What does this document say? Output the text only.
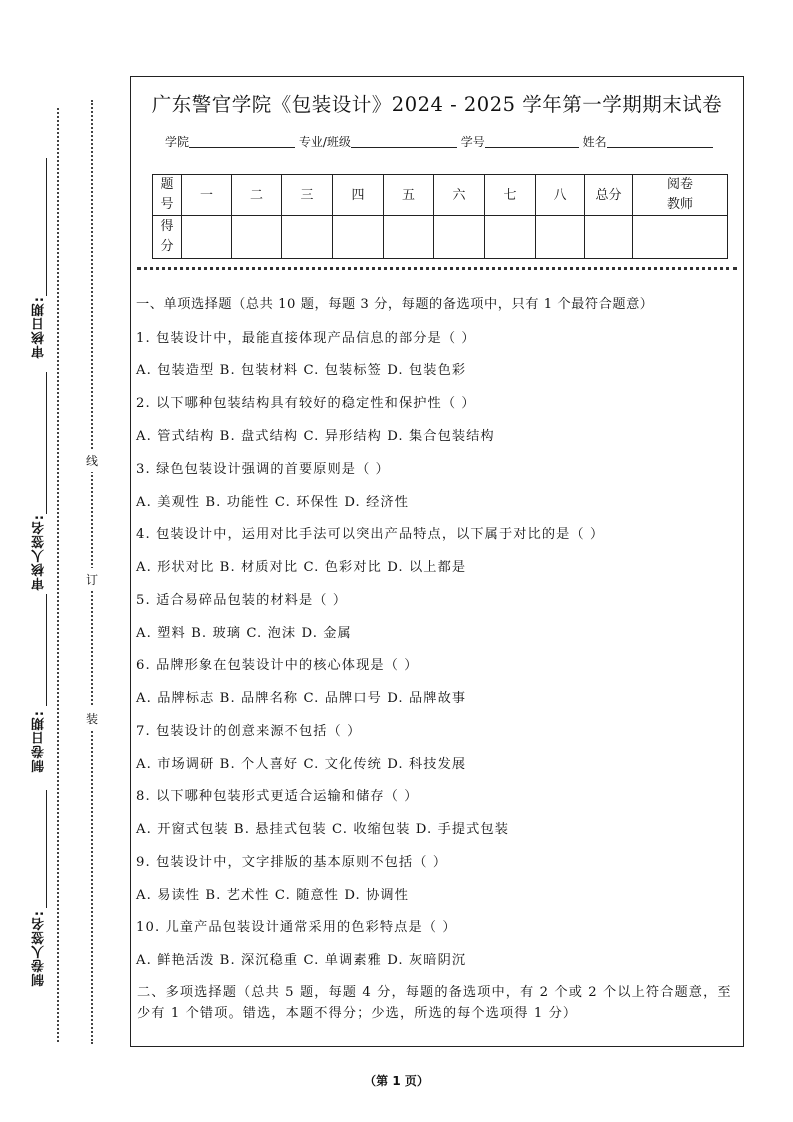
审核日期:
审核人签名:
制卷日期:
制卷人签名:
线
订
装
广东警官学院《包装设计》2024 - 2025 学年第一学期期末试卷
学院	专业/班级	学号	姓名
题号	一	二	三	四	五	六	七	八	总分	阅卷教师
得分										
一、单项选择题（总共 10 题，每题 3 分，每题的备选项中，只有 1 个最符合题意）
1. 包装设计中，最能直接体现产品信息的部分是（ ）
A. 包装造型 B. 包装材料 C. 包装标签 D. 包装色彩
2. 以下哪种包装结构具有较好的稳定性和保护性（ ）
A. 管式结构 B. 盘式结构 C. 异形结构 D. 集合包装结构
3. 绿色包装设计强调的首要原则是（ ）
A. 美观性 B. 功能性 C. 环保性 D. 经济性
4. 包装设计中，运用对比手法可以突出产品特点，以下属于对比的是（ ）
A. 形状对比 B. 材质对比 C. 色彩对比 D. 以上都是
5. 适合易碎品包装的材料是（ ）
A. 塑料 B. 玻璃 C. 泡沫 D. 金属
6. 品牌形象在包装设计中的核心体现是（ ）
A. 品牌标志 B. 品牌名称 C. 品牌口号 D. 品牌故事
7. 包装设计的创意来源不包括（ ）
A. 市场调研 B. 个人喜好 C. 文化传统 D. 科技发展
8. 以下哪种包装形式更适合运输和储存（ ）
A. 开窗式包装 B. 悬挂式包装 C. 收缩包装 D. 手提式包装
9. 包装设计中，文字排版的基本原则不包括（ ）
A. 易读性 B. 艺术性 C. 随意性 D. 协调性
10. 儿童产品包装设计通常采用的色彩特点是（ ）
A. 鲜艳活泼 B. 深沉稳重 C. 单调素雅 D. 灰暗阴沉
二、多项选择题（总共 5 题，每题 4 分，每题的备选项中，有 2 个或 2 个以上符合题意，至少有 1 个错项。错选，本题不得分；少选，所选的每个选项得 1 分）
（第 1 页）
